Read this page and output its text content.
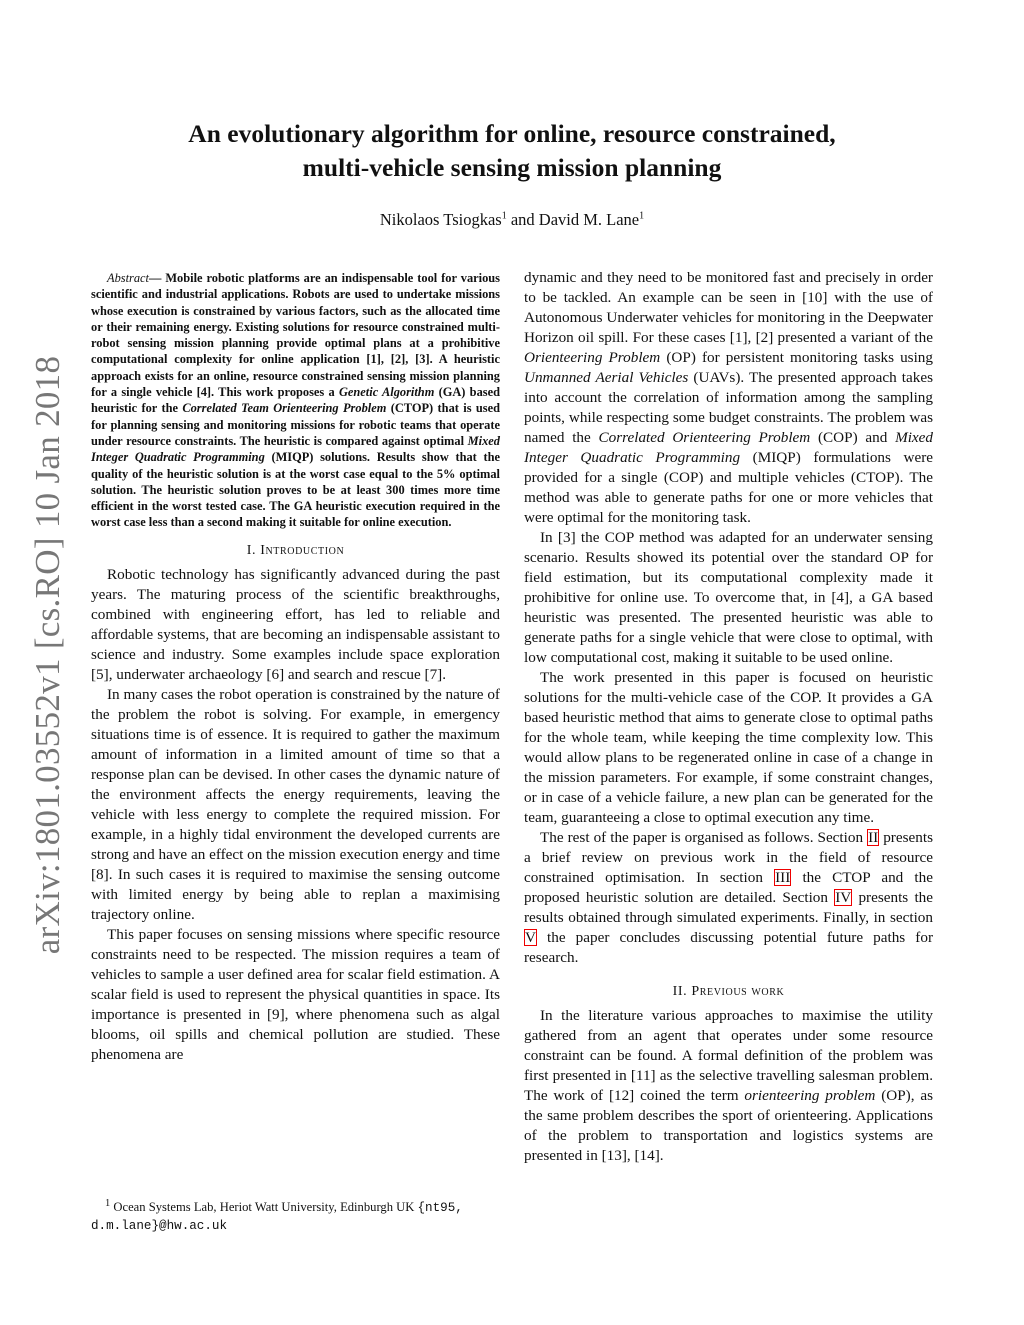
arXiv:1801.03552v1 [cs.RO] 10 Jan 2018
An evolutionary algorithm for online, resource constrained,
multi-vehicle sensing mission planning
Nikolaos Tsiogkas$^1$ and David M. Lane$^1$

Abstract— Mobile robotic platforms are an indispensable tool for various scientific and industrial applications. Robots are used to undertake missions whose execution is constrained by various factors, such as the allocated time or their remaining energy. Existing solutions for resource constrained multi-robot sensing mission planning provide optimal plans at a prohibitive computational complexity for online application [1], [2], [3]. A heuristic approach exists for an online, resource constrained sensing mission planning for a single vehicle [4]. This work proposes a Genetic Algorithm (GA) based heuristic for the Correlated Team Orienteering Problem (CTOP) that is used for planning sensing and monitoring missions for robotic teams that operate under resource constraints. The heuristic is compared against optimal Mixed Integer Quadratic Programming (MIQP) solutions. Results show that the quality of the heuristic solution is at the worst case equal to the 5% optimal solution. The heuristic solution proves to be at least 300 times more time efficient in the worst tested case. The GA heuristic execution required in the worst case less than a second making it suitable for online execution.

I. Introduction

Robotic technology has significantly advanced during the past years. The maturing process of the scientific breakthroughs, combined with engineering effort, has led to reliable and affordable systems, that are becoming an indispensable assistant to science and industry. Some examples include space exploration [5], underwater archaeology [6] and search and rescue [7].

In many cases the robot operation is constrained by the nature of the problem the robot is solving. For example, in emergency situations time is of essence. It is required to gather the maximum amount of information in a limited amount of time so that a response plan can be devised. In other cases the dynamic nature of the environment affects the energy requirements, leaving the vehicle with less energy to complete the required mission. For example, in a highly tidal environment the developed currents are strong and have an effect on the mission execution energy and time [8]. In such cases it is required to maximise the sensing outcome with limited energy by being able to replan a maximising trajectory online.

This paper focuses on sensing missions where specific resource constraints need to be respected. The mission requires a team of vehicles to sample a user defined area for scalar field estimation. A scalar field is used to represent the physical quantities in space. Its importance is presented in [9], where phenomena such as algal blooms, oil spills and chemical pollution are studied. These phenomena are

$^1$ Ocean Systems Lab, Heriot Watt University, Edinburgh UK {nt95, d.m.lane}@hw.ac.uk

dynamic and they need to be monitored fast and precisely in order to be tackled. An example can be seen in [10] with the use of Autonomous Underwater vehicles for monitoring in the Deepwater Horizon oil spill. For these cases [1], [2] presented a variant of the Orienteering Problem (OP) for persistent monitoring tasks using Unmanned Aerial Vehicles (UAVs). The presented approach takes into account the correlation of information among the sampling points, while respecting some budget constraints. The problem was named the Correlated Orienteering Problem (COP) and Mixed Integer Quadratic Programming (MIQP) formulations were provided for a single (COP) and multiple vehicles (CTOP). The method was able to generate paths for one or more vehicles that were optimal for the monitoring task.

In [3] the COP method was adapted for an underwater sensing scenario. Results showed its potential over the standard OP for field estimation, but its computational complexity made it prohibitive for online use. To overcome that, in [4], a GA based heuristic was presented. The presented heuristic was able to generate paths for a single vehicle that were close to optimal, with low computational cost, making it suitable to be used online.

The work presented in this paper is focused on heuristic solutions for the multi-vehicle case of the COP. It provides a GA based heuristic method that aims to generate close to optimal paths for the whole team, while keeping the time complexity low. This would allow plans to be regenerated online in case of a change in the mission parameters. For example, if some constraint changes, or in case of a vehicle failure, a new plan can be generated for the team, guaranteeing a close to optimal execution any time.

The rest of the paper is organised as follows. Section II presents a brief review on previous work in the field of resource constrained optimisation. In section III the CTOP and the proposed heuristic solution are detailed. Section IV presents the results obtained through simulated experiments. Finally, in section V the paper concludes discussing potential future paths for research.

II. Previous work

In the literature various approaches to maximise the utility gathered from an agent that operates under some resource constraint can be found. A formal definition of the problem was first presented in [11] as the selective travelling salesman problem. The work of [12] coined the term orienteering problem (OP), as the same problem describes the sport of orienteering. Applications of the problem to transportation and logistics systems are presented in [13], [14].
